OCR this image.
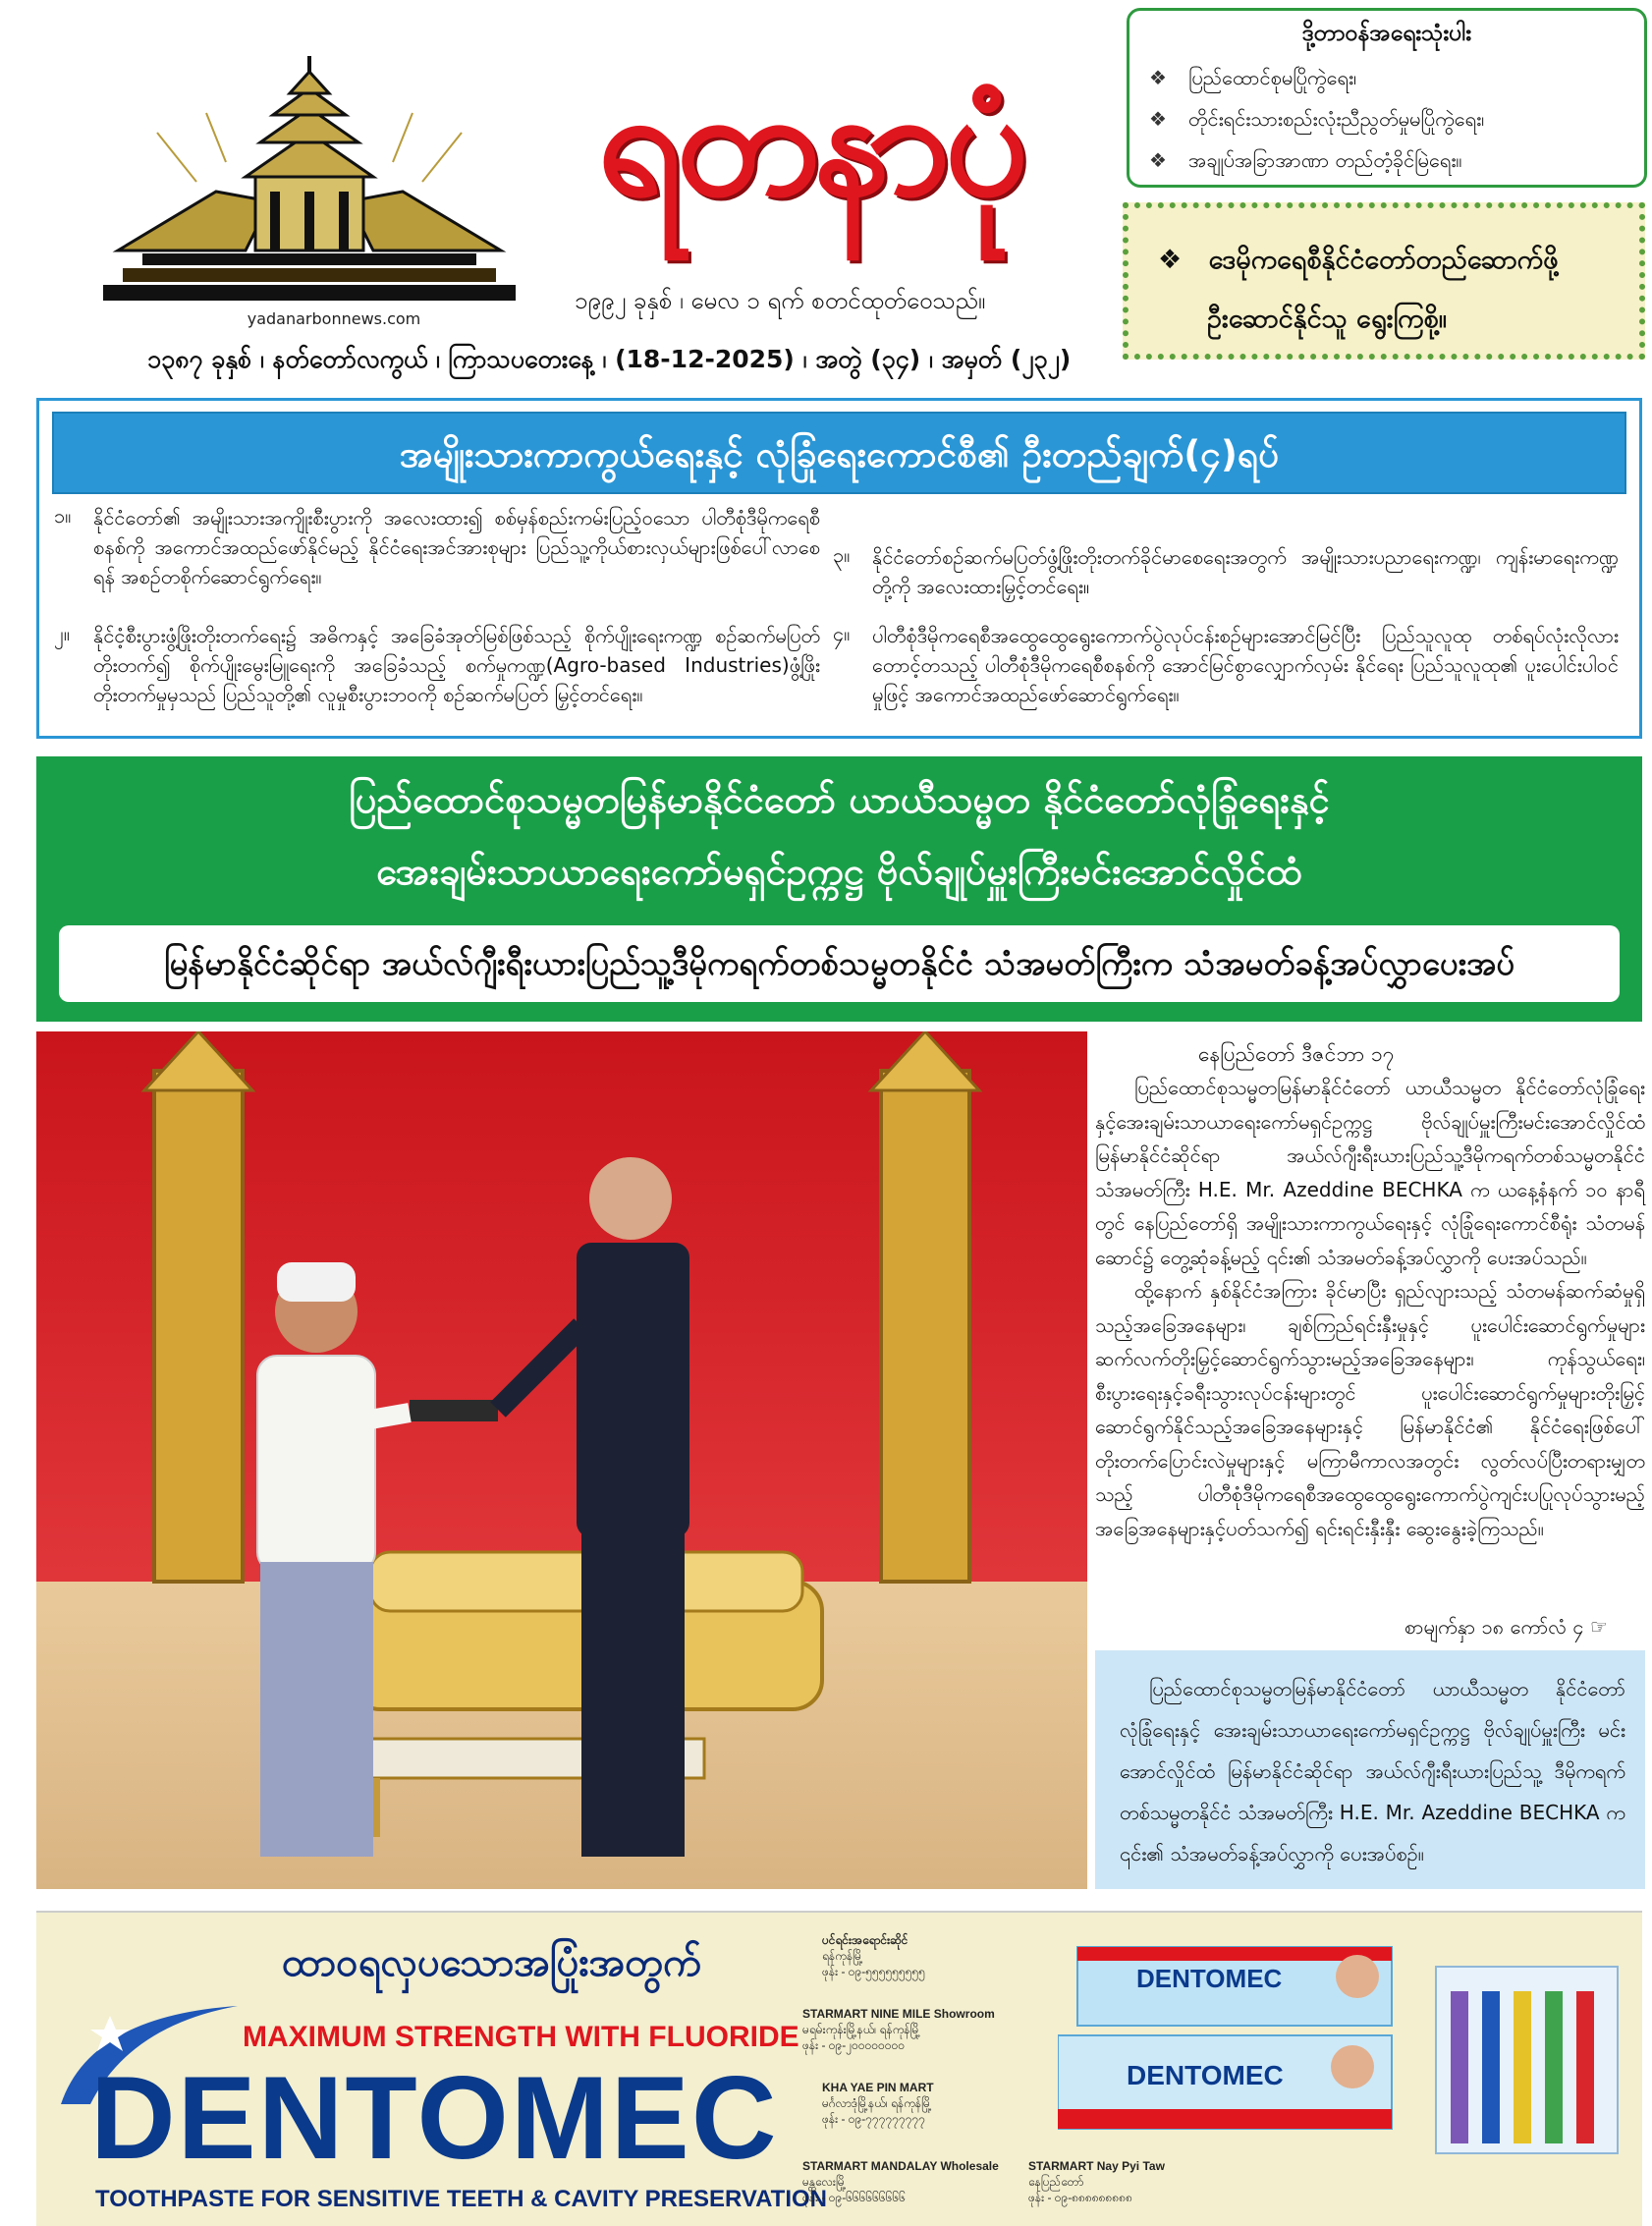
ရတနာပုံ
yadanarbonnews.com
၁၉၉၂ ခုနှစ် ၊ မေလ ၁ ရက် စတင်ထုတ်ဝေသည်။
၁၃၈၇ ခုနှစ် ၊ နတ်တော်လကွယ် ၊ ကြာသပတေးနေ့ ၊ (18-12-2025) ၊ အတွဲ (၃၄) ၊ အမှတ် (၂၃၂)
ဒို့တာဝန်အရေးသုံးပါး
❖ ပြည်ထောင်စုမပြိုကွဲရေး၊
❖ တိုင်းရင်းသားစည်းလုံးညီညွတ်မှုမပြိုကွဲရေး၊
❖ အချုပ်အခြာအာဏာ တည်တံ့ခိုင်မြဲရေး။
❖ ဒေမိုကရေစီနိုင်ငံတော်တည်ဆောက်ဖို့
ဦးဆောင်နိုင်သူ ရွေးကြစို့။
အမျိုးသားကာကွယ်ရေးနှင့် လုံခြုံရေးကောင်စီ၏ ဦးတည်ချက်(၄)ရပ်
၁။ နိုင်ငံတော်၏ အမျိုးသားအကျိုးစီးပွားကို အလေးထား၍ စစ်မှန်စည်းကမ်းပြည့်ဝသော ပါတီစုံဒီမိုကရေစီစနစ်ကို အကောင်အထည်ဖော်နိုင်မည့် နိုင်ငံရေးအင်အားစုများ ပြည်သူ့ကိုယ်စားလှယ်များဖြစ်ပေါ်လာစေရန် အစဉ်တစိုက်ဆောင်ရွက်ရေး။
၂။ နိုင်ငံ့စီးပွားဖွံ့ဖြိုးတိုးတက်ရေး၌ အဓိကနှင့် အခြေခံအုတ်မြစ်ဖြစ်သည့် စိုက်ပျိုးရေးကဏ္ဍ စဉ်ဆက်မပြတ်တိုးတက်၍ စိုက်ပျိုးမွေးမြူရေးကို အခြေခံသည့် စက်မှုကဏ္ဍ(Agro-based Industries)ဖွံ့ဖြိုးတိုးတက်မှုမှသည် ပြည်သူတို့၏ လူမှုစီးပွားဘဝကို စဉ်ဆက်မပြတ် မြှင့်တင်ရေး။
၃။ နိုင်ငံတော်စဉ်ဆက်မပြတ်ဖွံ့ဖြိုးတိုးတက်ခိုင်မာစေရေးအတွက် အမျိုးသားပညာရေးကဏ္ဍ၊ ကျန်းမာရေးကဏ္ဍတို့ကို အလေးထားမြှင့်တင်ရေး။
၄။ ပါတီစုံဒီမိုကရေစီအထွေထွေရွေးကောက်ပွဲလုပ်ငန်းစဉ်များအောင်မြင်ပြီး ပြည်သူလူထု တစ်ရပ်လုံးလိုလားတောင့်တသည့် ပါတီစုံဒီမိုကရေစီစနစ်ကို အောင်မြင်စွာလျှောက်လှမ်း နိုင်ရေး ပြည်သူလူထု၏ ပူးပေါင်းပါဝင်မှုဖြင့် အကောင်အထည်ဖော်ဆောင်ရွက်ရေး။
ပြည်ထောင်စုသမ္မတမြန်မာနိုင်ငံတော် ယာယီသမ္မတ နိုင်ငံတော်လုံခြုံရေးနှင့်
အေးချမ်းသာယာရေးကော်မရှင်ဥက္ကဋ္ဌ ဗိုလ်ချုပ်မှူးကြီးမင်းအောင်လှိုင်ထံ
မြန်မာနိုင်ငံဆိုင်ရာ အယ်လ်ဂျီးရီးယားပြည်သူ့ဒီမိုကရက်တစ်သမ္မတနိုင်ငံ သံအမတ်ကြီးက သံအမတ်ခန့်အပ်လွှာပေးအပ်
နေပြည်တော် ဒီဇင်ဘာ ၁၇

ပြည်ထောင်စုသမ္မတမြန်မာနိုင်ငံတော် ယာယီသမ္မတ နိုင်ငံတော်လုံခြုံရေးနှင့်အေးချမ်းသာယာရေးကော်မရှင်ဥက္ကဋ္ဌ ဗိုလ်ချုပ်မှူးကြီးမင်းအောင်လှိုင်ထံ မြန်မာနိုင်ငံဆိုင်ရာ အယ်လ်ဂျီးရီးယားပြည်သူ့ဒီမိုကရက်တစ်သမ္မတနိုင်ငံ သံအမတ်ကြီး H.E. Mr. Azeddine BECHKA က ယနေ့နံနက် ၁၀ နာရီတွင် နေပြည်တော်ရှိ အမျိုးသားကာကွယ်ရေးနှင့် လုံခြုံရေးကောင်စီရုံး သံတမန်ဆောင်၌ တွေ့ဆုံခန့်မည့် ၎င်း၏ သံအမတ်ခန့်အပ်လွှာကို ပေးအပ်သည်။

ထို့နောက် နှစ်နိုင်ငံအကြား ခိုင်မာပြီး ရှည်လျားသည့် သံတမန်ဆက်ဆံမှုရှိသည့်အခြေအနေများ၊ ချစ်ကြည်ရင်းနှီးမှုနှင့် ပူးပေါင်းဆောင်ရွက်မှုများ ဆက်လက်တိုးမြှင့်ဆောင်ရွက်သွားမည့်အခြေအနေများ၊ ကုန်သွယ်ရေး၊ စီးပွားရေးနှင့်ခရီးသွားလုပ်ငန်းများတွင် ပူးပေါင်းဆောင်ရွက်မှုများတိုးမြှင့်ဆောင်ရွက်နိုင်သည့်အခြေအနေများနှင့် မြန်မာနိုင်ငံ၏ နိုင်ငံရေးဖြစ်ပေါ်တိုးတက်ပြောင်းလဲမှုများနှင့် မကြာမီကာလအတွင်း လွတ်လပ်ပြီးတရားမျှတသည့် ပါတီစုံဒီမိုကရေစီအထွေထွေရွေးကောက်ပွဲကျင်းပပြုလုပ်သွားမည့်အခြေအနေများနှင့်ပတ်သက်၍ ရင်းရင်းနှီးနှီး ဆွေးနွေးခဲ့ကြသည်။

စာမျက်နှာ ၁၈ ကော်လံ ၄ ☞
ပြည်ထောင်စုသမ္မတမြန်မာနိုင်ငံတော် ယာယီသမ္မတ နိုင်ငံတော်လုံခြုံရေးနှင့် အေးချမ်းသာယာရေးကော်မရှင်ဥက္ကဋ္ဌ ဗိုလ်ချုပ်မှူးကြီး မင်းအောင်လှိုင်ထံ မြန်မာနိုင်ငံဆိုင်ရာ အယ်လ်ဂျီးရီးယားပြည်သူ့ ဒီမိုကရက်တစ်သမ္မတနိုင်ငံ သံအမတ်ကြီး H.E. Mr. Azeddine BECHKA က ၎င်း၏ သံအမတ်ခန့်အပ်လွှာကို ပေးအပ်စဉ်။
ထာဝရလှပသောအပြုံးအတွက်
MAXIMUM STRENGTH WITH FLUORIDE
DENTOMEC
TOOTHPASTE FOR SENSITIVE TEETH & CAVITY PRESERVATION
ပင်ရင်းအရောင်းဆိုင်
ရန်ကုန်မြို့
ဖုန်း - ၀၉-၅၅၅၅၅၅၅၅၅
STARMART NINE MILE Showroom
မရမ်းကုန်းမြို့နယ်၊ ရန်ကုန်မြို့
ဖုန်း - ၀၉-၂၀၀၀၀၀၀၀၀
KHA YAE PIN MART
မင်္ဂလာဒုံမြို့နယ်၊ ရန်ကုန်မြို့
ဖုန်း - ၀၉-၇၇၇၇၇၇၇၇၇
STARMART MANDALAY Wholesale
မန္တလေးမြို့
ဖုန်း - ၀၉-၆၆၆၆၆၆၆၆၆
STARMART Nay Pyi Taw
နေပြည်တော်
ဖုန်း - ၀၉-၈၈၈၈၈၈၈၈၈
DENTOMEC
DENTOMEC
